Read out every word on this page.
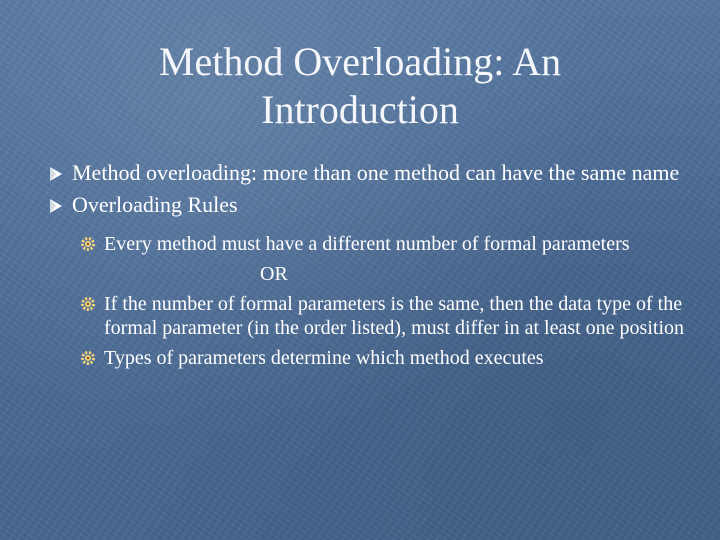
Method Overloading: An
Introduction
Method overloading: more than one method can have the same name
Overloading Rules
Every method must have a different number of formal parameters
OR
If the number of formal parameters is the same, then the data type of the formal parameter (in the order listed), must differ in at least one position
Types of parameters determine which method executes
